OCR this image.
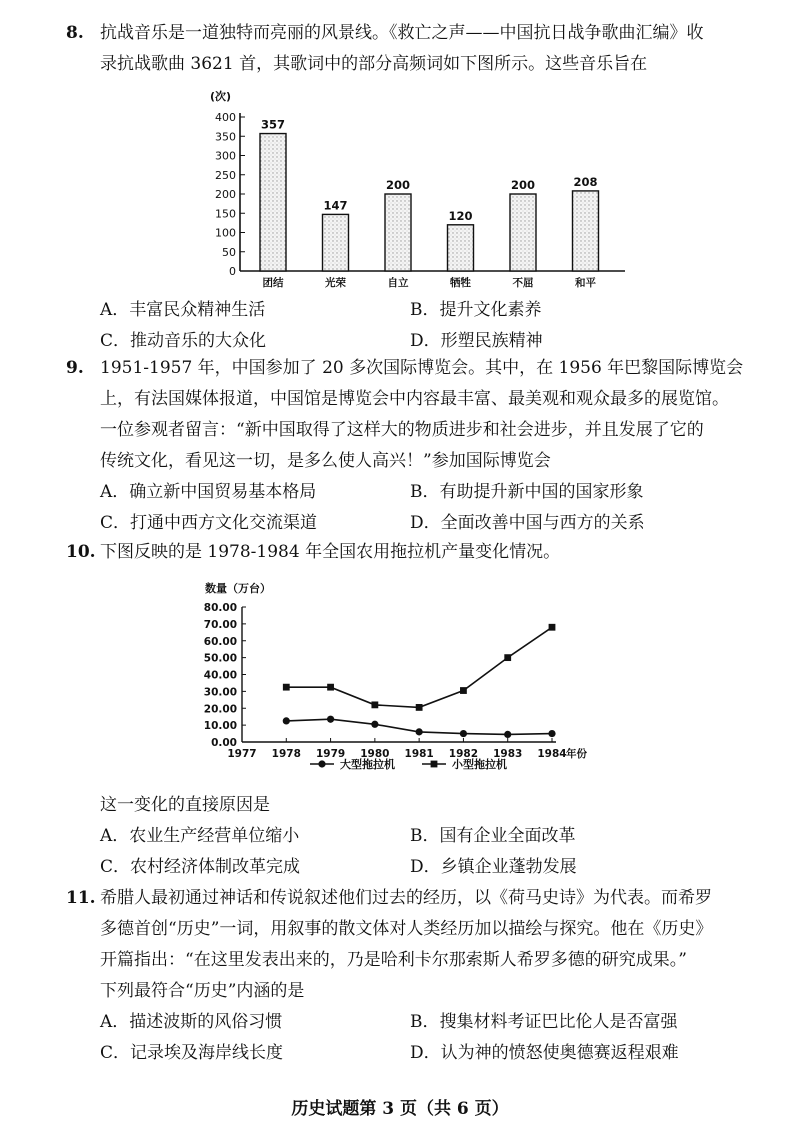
8. 抗战音乐是一道独特而亮丽的风景线。《救亡之声——中国抗日战争歌曲汇编》收
录抗战歌曲 3621 首，其歌词中的部分高频词如下图所示。这些音乐旨在
(次)
0
50
100
150
200
250
300
350
400
357
团结
147
光荣
200
自立
120
牺牲
200
不屈
208
和平
A．丰富民众精神生活	B．提升文化素养
C．推动音乐的大众化	D．形塑民族精神
9. 1951-1957 年，中国参加了 20 多次国际博览会。其中，在 1956 年巴黎国际博览会
上，有法国媒体报道，中国馆是博览会中内容最丰富、最美观和观众最多的展览馆。
一位参观者留言：“新中国取得了这样大的物质进步和社会进步，并且发展了它的
传统文化，看见这一切，是多么使人高兴！”参加国际博览会
A．确立新中国贸易基本格局	B．有助提升新中国的国家形象
C．打通中西方文化交流渠道	D．全面改善中国与西方的关系
10. 下图反映的是 1978-1984 年全国农用拖拉机产量变化情况。
数量（万台）
0.00
10.00
20.00
30.00
40.00
50.00
60.00
70.00
80.00
1977 1978 1979 1980 1981 1982 1983 1984 年份
大型拖拉机	小型拖拉机
这一变化的直接原因是
A．农业生产经营单位缩小	B．国有企业全面改革
C．农村经济体制改革完成	D．乡镇企业蓬勃发展
11. 希腊人最初通过神话和传说叙述他们过去的经历，以《荷马史诗》为代表。而希罗
多德首创“历史”一词，用叙事的散文体对人类经历加以描绘与探究。他在《历史》
开篇指出：“在这里发表出来的，乃是哈利卡尔那索斯人希罗多德的研究成果。”
下列最符合“历史”内涵的是
A．描述波斯的风俗习惯	B．搜集材料考证巴比伦人是否富强
C．记录埃及海岸线长度	D．认为神的愤怒使奥德赛返程艰难
历史试题第 3 页（共 6 页）
